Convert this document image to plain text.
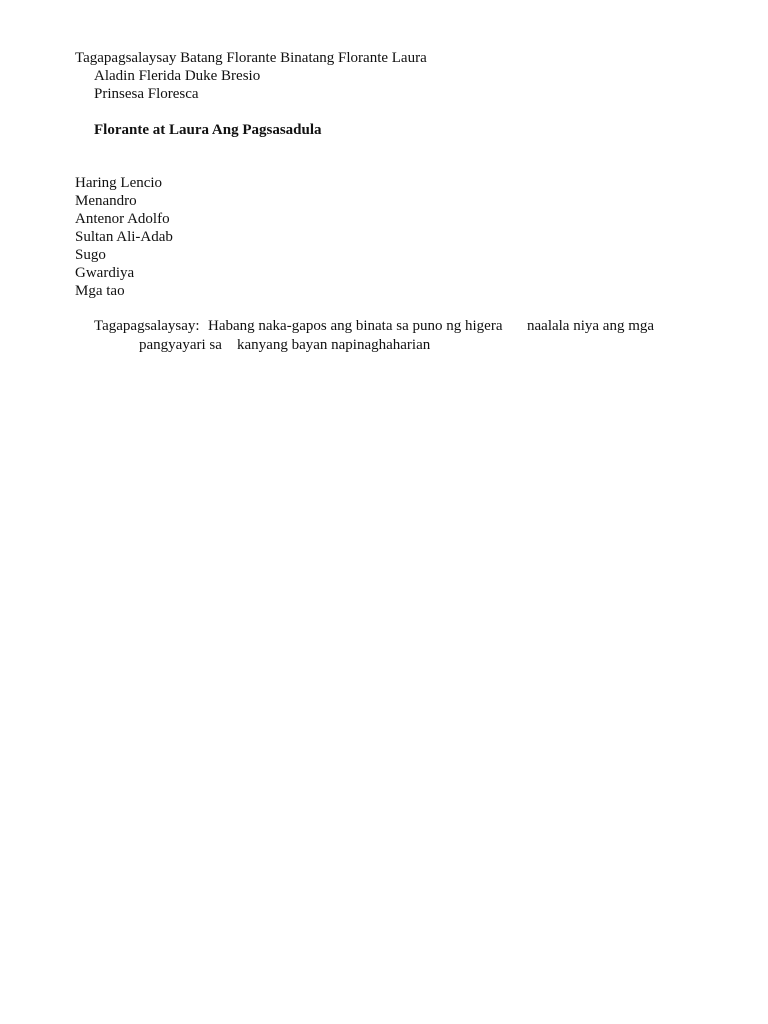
Tagapagsalaysay Batang Florante Binatang Florante Laura
Aladin Flerida Duke Bresio
Prinsesa Floresca
Florante at Laura Ang Pagsasadula
Haring Lencio
Menandro
Antenor Adolfo
Sultan Ali-Adab
Sugo
Gwardiya
Mga tao
Tagapagsalaysay: Habang naka-gapos ang binata sa puno ng higera naalala niya ang mga
pangyayari sa kanyang bayan napinaghaharian
